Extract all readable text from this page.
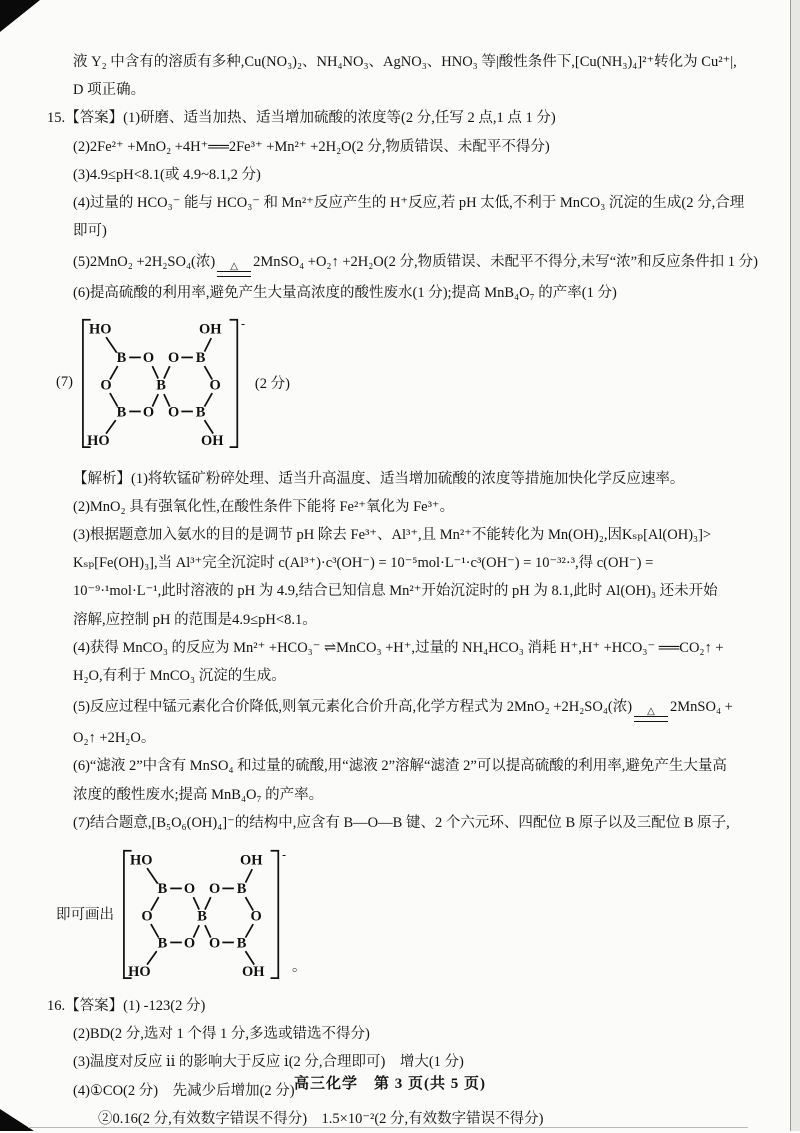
液 Y₂ 中含有的溶质有多种,Cu(NO₃)₂、NH₄NO₃、AgNO₃、HNO₃ 等|酸性条件下,[Cu(NH₃)₄]²⁺转化为 Cu²⁺|,
D 项正确。
15.【答案】(1)研磨、适当加热、适当增加硫酸的浓度等(2 分,任写 2 点,1 点 1 分)
(2)2Fe²⁺ +MnO₂ +4H⁺══2Fe³⁺ +Mn²⁺ +2H₂O(2 分,物质错误、未配平不得分)
(3)4.9≤pH<8.1(或 4.9~8.1,2 分)
(4)过量的 HCO₃⁻ 能与 HCO₃⁻ 和 Mn²⁺反应产生的 H⁺反应,若 pH 太低,不利于 MnCO₃ 沉淀的生成(2 分,合理
即可)
(5)2MnO₂ +2H₂SO₄(浓) △ 2MnSO₄ +O₂↑ +2H₂O(2 分,物质错误、未配平不得分,未写“浓”和反应条件扣 1 分)
(6)提高硫酸的利用率,避免产生大量高浓度的酸性废水(1 分);提高 MnB₄O₇ 的产率(1 分)
(7)
-
HO	OH
B O O B
O	B	O
B O O B
HO	OH
(2 分)
【解析】(1)将软锰矿粉碎处理、适当升高温度、适当增加硫酸的浓度等措施加快化学反应速率。
(2)MnO₂ 具有强氧化性,在酸性条件下能将 Fe²⁺氧化为 Fe³⁺。
(3)根据题意加入氨水的目的是调节 pH 除去 Fe³⁺、Al³⁺,且 Mn²⁺不能转化为 Mn(OH)₂,因Kₛₚ[Al(OH)₃]>
Kₛₚ[Fe(OH)₃],当 Al³⁺完全沉淀时 c(Al³⁺)·c³(OH⁻) = 10⁻⁵mol·L⁻¹·c³(OH⁻) = 10⁻³²·³,得 c(OH⁻) =
10⁻⁹·¹mol·L⁻¹,此时溶液的 pH 为 4.9,结合已知信息 Mn²⁺开始沉淀时的 pH 为 8.1,此时 Al(OH)₃ 还未开始
溶解,应控制 pH 的范围是4.9≤pH<8.1。
(4)获得 MnCO₃ 的反应为 Mn²⁺ +HCO₃⁻ ⇌MnCO₃ +H⁺,过量的 NH₄HCO₃ 消耗 H⁺,H⁺ +HCO₃⁻ ══CO₂↑ +
H₂O,有利于 MnCO₃ 沉淀的生成。
(5)反应过程中锰元素化合价降低,则氧元素化合价升高,化学方程式为 2MnO₂ +2H₂SO₄(浓) △ 2MnSO₄ +
O₂↑ +2H₂O。
(6)“滤液 2”中含有 MnSO₄ 和过量的硫酸,用“滤液 2”溶解“滤渣 2”可以提高硫酸的利用率,避免产生大量高
浓度的酸性废水;提高 MnB₄O₇ 的产率。
(7)结合题意,[B₅O₆(OH)₄]⁻的结构中,应含有 B—O—B 键、2 个六元环、四配位 B 原子以及三配位 B 原子,
即可画出
-
HO	OH
B O O B
O	B	O
B O O B
HO	OH 。
16.【答案】(1) -123(2 分)
(2)BD(2 分,选对 1 个得 1 分,多选或错选不得分)
(3)温度对反应 ⅱ 的影响大于反应 ⅰ(2 分,合理即可)　增大(1 分)
(4)①CO(2 分)　先减少后增加(2 分)
②0.16(2 分,有效数字错误不得分)　1.5×10⁻²(2 分,有效数字错误不得分)
高三化学　第 3 页(共 5 页)
